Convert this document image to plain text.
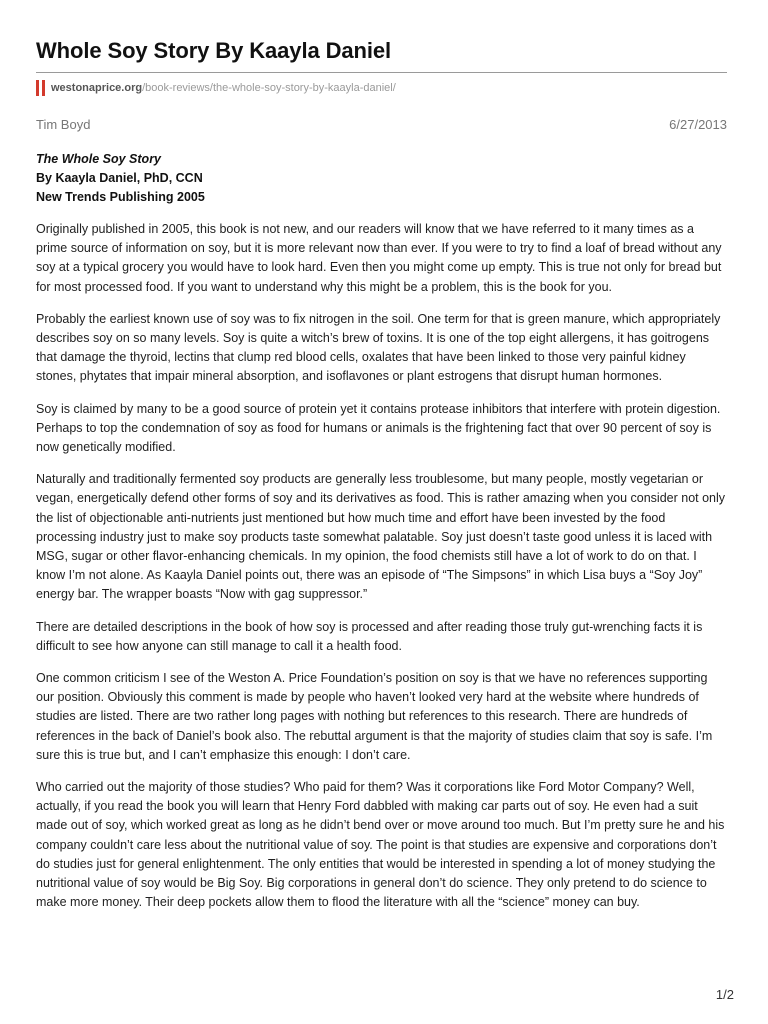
Whole Soy Story By Kaayla Daniel
westonaprice.org /book-reviews/the-whole-soy-story-by-kaayla-daniel/
Tim Boyd	6/27/2013
The Whole Soy Story
By Kaayla Daniel, PhD, CCN
New Trends Publishing 2005

Originally published in 2005, this book is not new, and our readers will know that we have referred to it many times as a prime source of information on soy, but it is more relevant now than ever. If you were to try to find a loaf of bread without any soy at a typical grocery you would have to look hard. Even then you might come up empty. This is true not only for bread but for most processed food. If you want to understand why this might be a problem, this is the book for you.

Probably the earliest known use of soy was to fix nitrogen in the soil. One term for that is green manure, which appropriately describes soy on so many levels. Soy is quite a witch’s brew of toxins. It is one of the top eight allergens, it has goitrogens that damage the thyroid, lectins that clump red blood cells, oxalates that have been linked to those very painful kidney stones, phytates that impair mineral absorption, and isoflavones or plant estrogens that disrupt human hormones.

Soy is claimed by many to be a good source of protein yet it contains protease inhibitors that interfere with protein digestion. Perhaps to top the condemnation of soy as food for humans or animals is the frightening fact that over 90 percent of soy is now genetically modified.

Naturally and traditionally fermented soy products are generally less troublesome, but many people, mostly vegetarian or vegan, energetically defend other forms of soy and its derivatives as food. This is rather amazing when you consider not only the list of objectionable anti-nutrients just mentioned but how much time and effort have been invested by the food processing industry just to make soy products taste somewhat palatable. Soy just doesn’t taste good unless it is laced with MSG, sugar or other flavor-enhancing chemicals. In my opinion, the food chemists still have a lot of work to do on that. I know I’m not alone. As Kaayla Daniel points out, there was an episode of “The Simpsons” in which Lisa buys a “Soy Joy” energy bar. The wrapper boasts “Now with gag suppressor.”

There are detailed descriptions in the book of how soy is processed and after reading those truly gut-wrenching facts it is difficult to see how anyone can still manage to call it a health food.

One common criticism I see of the Weston A. Price Foundation’s position on soy is that we have no references supporting our position. Obviously this comment is made by people who haven’t looked very hard at the website where hundreds of studies are listed. There are two rather long pages with nothing but references to this research. There are hundreds of references in the back of Daniel’s book also. The rebuttal argument is that the majority of studies claim that soy is safe. I’m sure this is true but, and I can’t emphasize this enough: I don’t care.

Who carried out the majority of those studies? Who paid for them? Was it corporations like Ford Motor Company? Well, actually, if you read the book you will learn that Henry Ford dabbled with making car parts out of soy. He even had a suit made out of soy, which worked great as long as he didn’t bend over or move around too much. But I’m pretty sure he and his company couldn’t care less about the nutritional value of soy. The point is that studies are expensive and corporations don’t do studies just for general enlightenment. The only entities that would be interested in spending a lot of money studying the nutritional value of soy would be Big Soy. Big corporations in general don’t do science. They only pretend to do science to make more money. Their deep pockets allow them to flood the literature with all the “science” money can buy.

1/2
